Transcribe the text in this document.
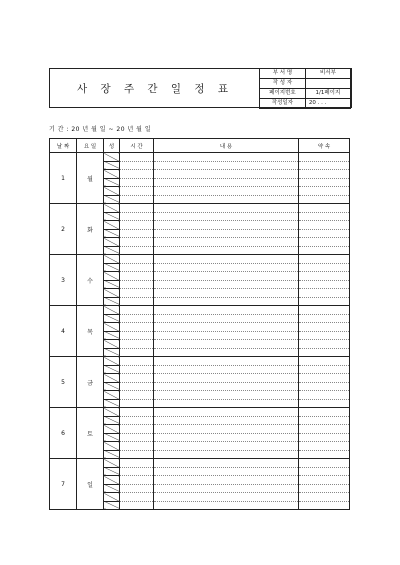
사 장 주 간 일 정 표
부 서 명	비서부
작 성 자	
페이지번호	1/1페이지
작성일자	20 . . .
기 간 : 20 년 월 일 ~ 20 년 월 일
날 짜	요 일	성	시 간	내 용	약 속
1	월				

2	화				

3	수				

4	목				

5	금				

6	토				

7	일				
